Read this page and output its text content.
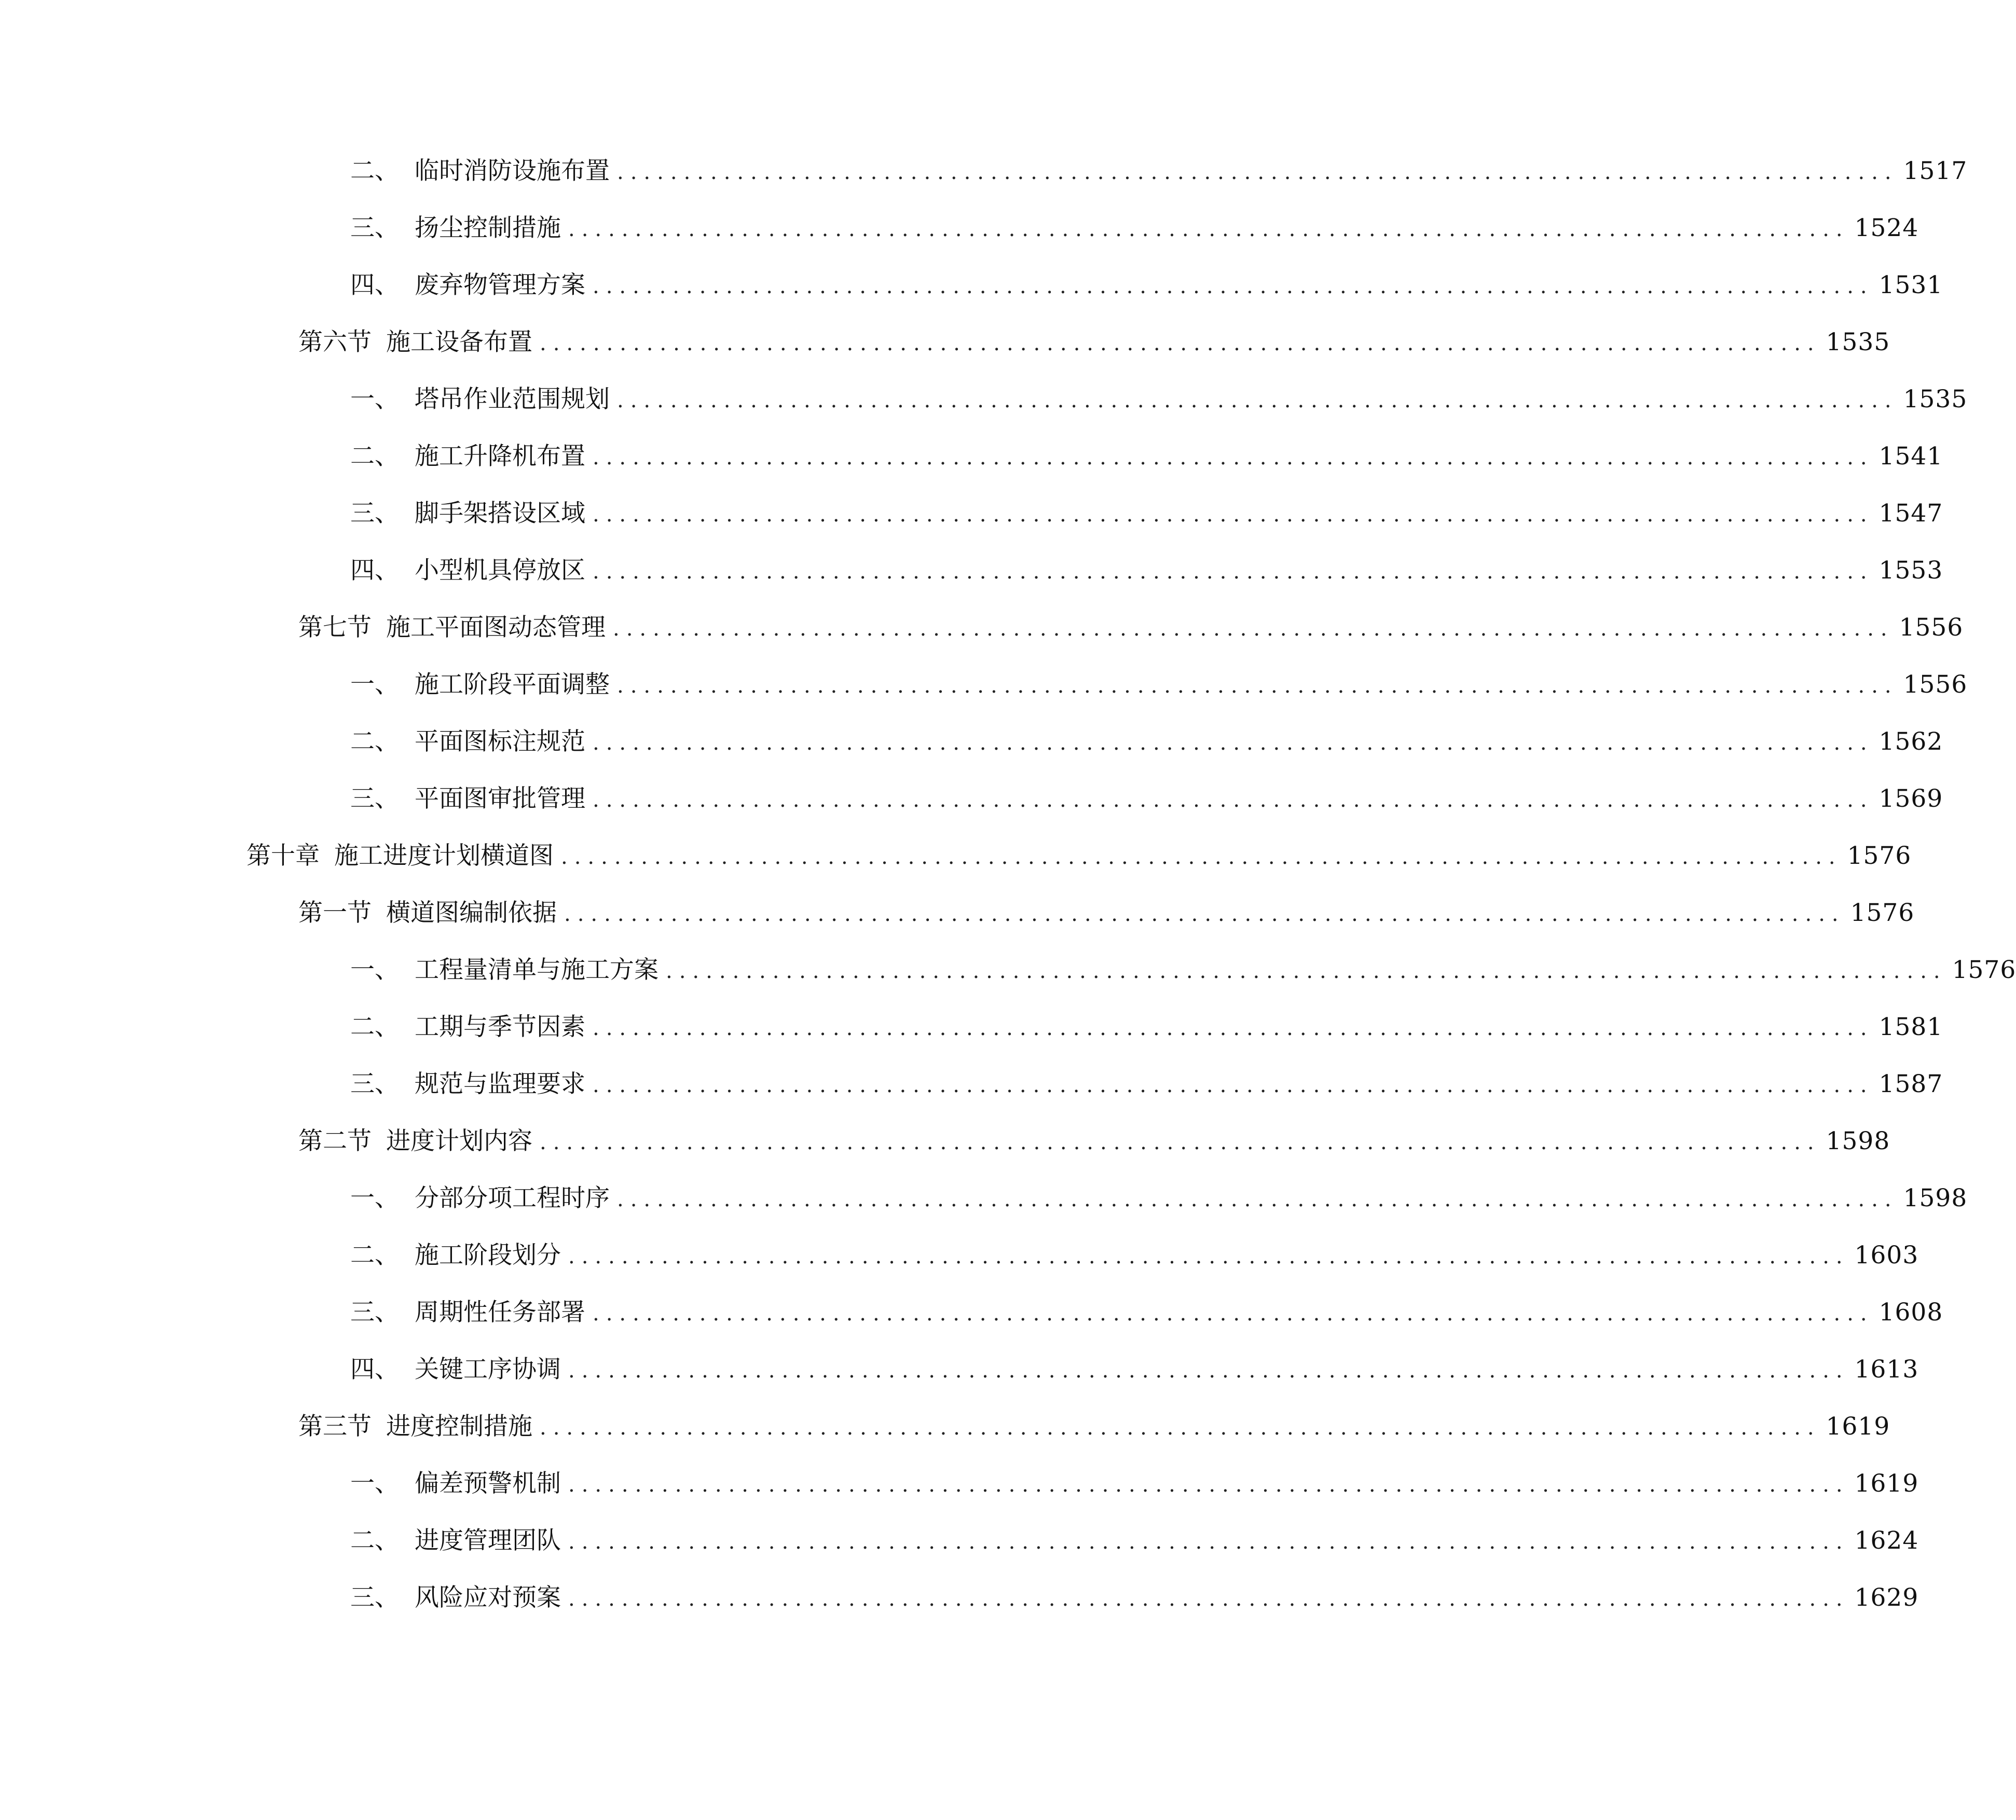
二、 临时消防设施布置 ................................................................................................ 1517
三、 扬尘控制措施 ................................................................................................ 1524
四、 废弃物管理方案 ................................................................................................ 1531
第六节 施工设备布置 ................................................................................................ 1535
一、 塔吊作业范围规划 ................................................................................................ 1535
二、 施工升降机布置 ................................................................................................ 1541
三、 脚手架搭设区域 ................................................................................................ 1547
四、 小型机具停放区 ................................................................................................ 1553
第七节 施工平面图动态管理 ................................................................................................ 1556
一、 施工阶段平面调整 ................................................................................................ 1556
二、 平面图标注规范 ................................................................................................ 1562
三、 平面图审批管理 ................................................................................................ 1569
第十章 施工进度计划横道图 ................................................................................................ 1576
第一节 横道图编制依据 ................................................................................................ 1576
一、 工程量清单与施工方案 ................................................................................................ 1576
二、 工期与季节因素 ................................................................................................ 1581
三、 规范与监理要求 ................................................................................................ 1587
第二节 进度计划内容 ................................................................................................ 1598
一、 分部分项工程时序 ................................................................................................ 1598
二、 施工阶段划分 ................................................................................................ 1603
三、 周期性任务部署 ................................................................................................ 1608
四、 关键工序协调 ................................................................................................ 1613
第三节 进度控制措施 ................................................................................................ 1619
一、 偏差预警机制 ................................................................................................ 1619
二、 进度管理团队 ................................................................................................ 1624
三、 风险应对预案 ................................................................................................ 1629
